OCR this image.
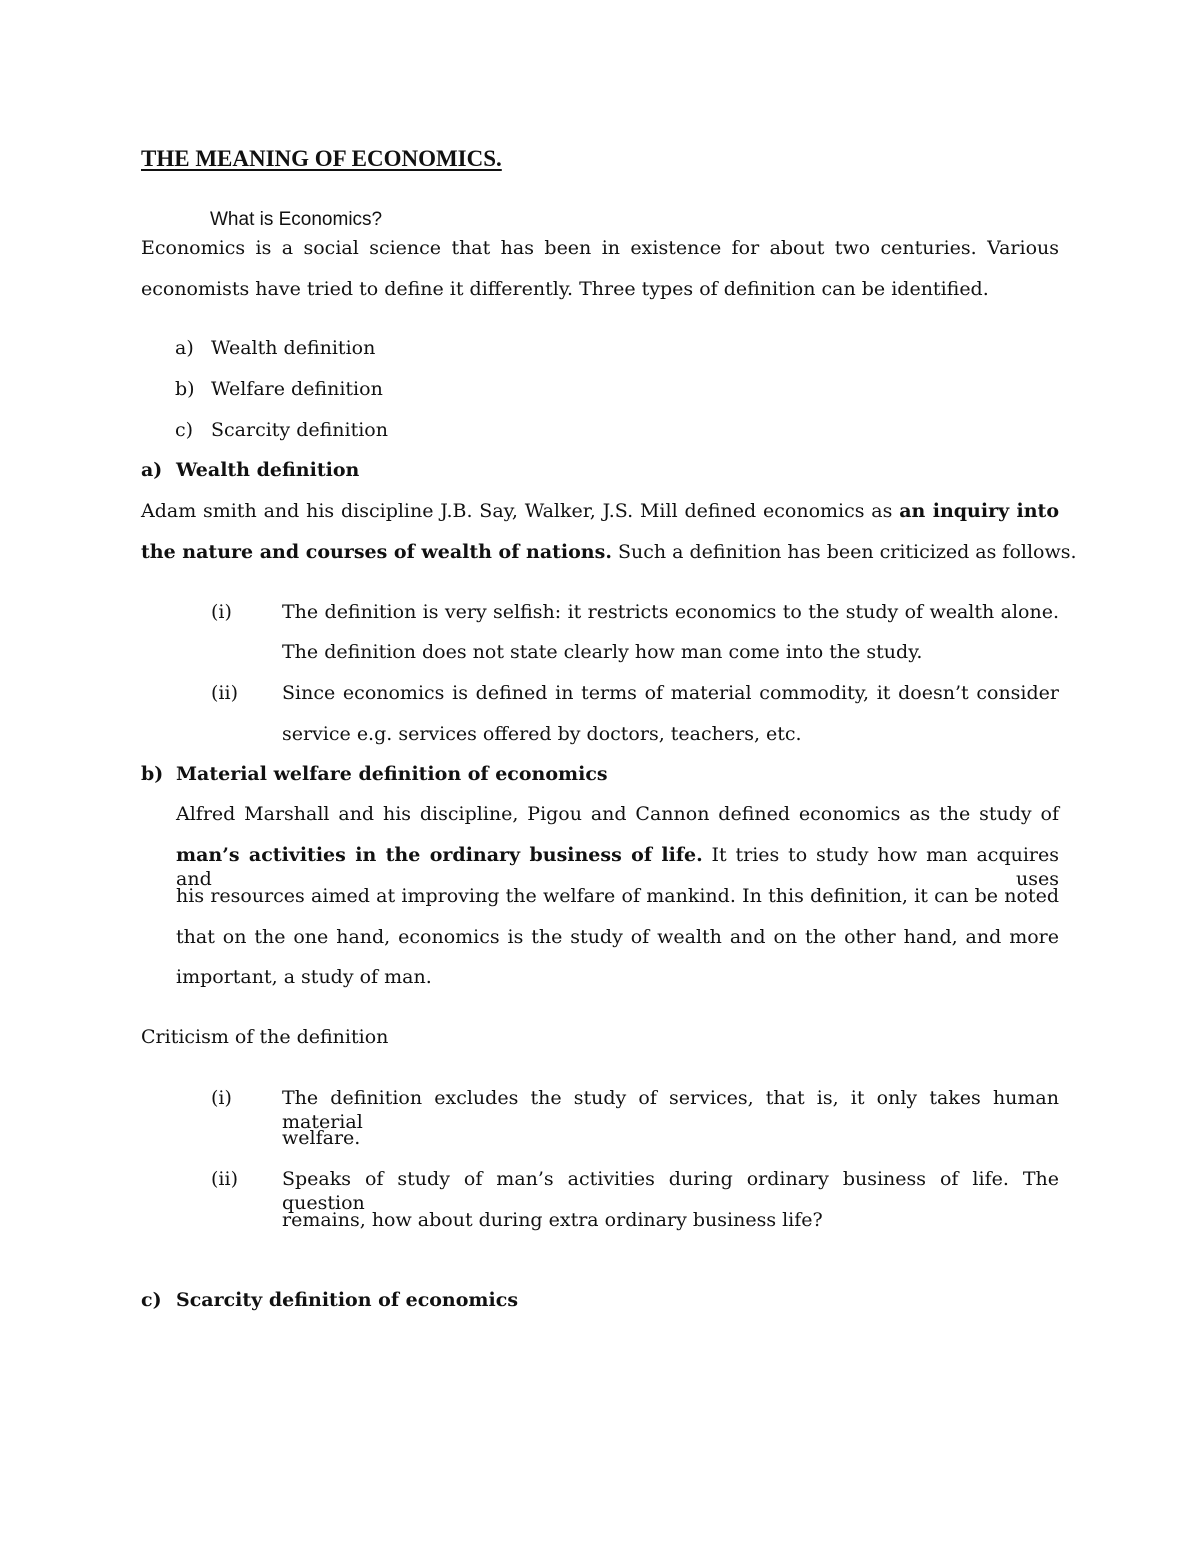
THE MEANING OF ECONOMICS.
What is Economics?
Economics is a social science that has been in existence for about two centuries. Various
economists have tried to define it differently. Three types of definition can be identified.
a) Wealth definition
b) Welfare definition
c) Scarcity definition
a) Wealth definition
Adam smith and his discipline J.B. Say, Walker, J.S. Mill defined economics as an inquiry into
the nature and courses of wealth of nations. Such a definition has been criticized as follows.
(i)	The definition is very selfish: it restricts economics to the study of wealth alone.
The definition does not state clearly how man come into the study.
(ii) Since economics is defined in terms of material commodity, it doesn’t consider
service e.g. services offered by doctors, teachers, etc.
b) Material welfare definition of economics
Alfred Marshall and his discipline, Pigou and Cannon defined economics as the study of
man’s activities in the ordinary business of life. It tries to study how man acquires and uses
his resources aimed at improving the welfare of mankind. In this definition, it can be noted
that on the one hand, economics is the study of wealth and on the other hand, and more
important, a study of man.
Criticism of the definition
(i)	The definition excludes the study of services, that is, it only takes human material
welfare.
(ii) Speaks of study of man’s activities during ordinary business of life. The question
remains, how about during extra ordinary business life?
c) Scarcity definition of economics
